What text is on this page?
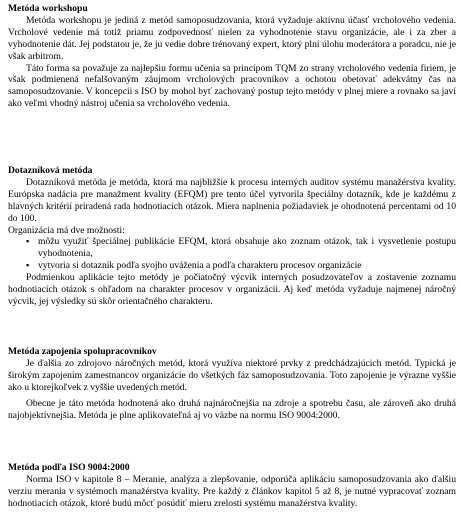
Metóda workshopu

Metóda workshopu je jediná z metód samoposudzovania, ktorá vyžaduje aktívnu účasť vrcholového vedenia. Vrcholové vedenie má totiž priamu zodpovednosť nielen za vyhodnotenie stavu organizácie, ale i za zber a vyhodnotenie dát. Jej podstatou je, že ju vedie dobre trénovaný expert, ktorý plní úlohu moderátora a poradcu, nie je však arbitrom.

Táto forma sa považuje za najlepšiu formu učenia sa princípom TQM zo strany vrcholového vedenia firiem, je však podmienená nefalšovaným záujmom vrcholových pracovníkov a ochotou obetovať adekvátny čas na samoposudzovanie. V koncepcii s ISO by mohol byť zachovaný postup tejto metódy v plnej miere a rovnako sa javí ako veľmi vhodný nástroj učenia sa vrcholového vedenia.

Dotazníková metóda

Dotazníková metóda je metóda, ktorá ma najbližšie k procesu interných auditov systému manažérstva kvality. Európska nadácia pre manažment kvality (EFQM) pre tento účel vytvorila špeciálny dotazník, kde je každému z hlavných kritérií priradená rada hodnotiacich otázok. Miera naplnenia požiadaviek je ohodnotená percentami od 10 do 100.

Organizácia má dve možnosti:

▪ môžu využiť špeciálnej publikácie EFQM, ktorá obsahuje ako zoznam otázok, tak i vysvetlenie postupu vyhodnotenia,
▪ vytvoria si dotazník podľa svojho uváženia a podľa charakteru procesov organizácie

Podmienkou aplikácie tejto metódy je počiatočný výcvik interných posudzovateľov a zostavenie zoznamu hodnotiacich otázok s ohľadom na charakter procesov v organizácii. Aj keď metóda vyžaduje najmenej náročný výcvik, jej výsledky sú skôr orientačného charakteru.

Metóda zapojenia spolupracovníkov

Je ďalšia zo zdrojovo náročných metód, ktorá využíva niektoré prvky z predchádzajúcich metód. Typická je širokým zapojením zamestnancov organizácie do všetkých fáz samoposudzovania. Toto zapojenie je výrazne vyššie ako u ktorejkoľvek z vyššie uvedených metód.

Obecne je táto metóda hodnotená ako druhá najnáročnejšia na zdroje a spotrebu času, ale zároveň ako druhá najobjektívnejšia. Metóda je plne aplikovateľná aj vo väzbe na normu ISO 9004:2000.

Metóda podľa ISO 9004:2000

Norma ISO v kapitole 8 – Meranie, analýza a zlepšovanie, odporúča aplikáciu samoposudzovania ako ďalšiu verziu merania v systémoch manažérstva kvality. Pre každý z článkov kapitol 5 až 8, je nutné vypracovať zoznam hodnotiacich otázok, ktoré budú môcť posúdiť mieru zrelosti systému manažérstva kvality.
